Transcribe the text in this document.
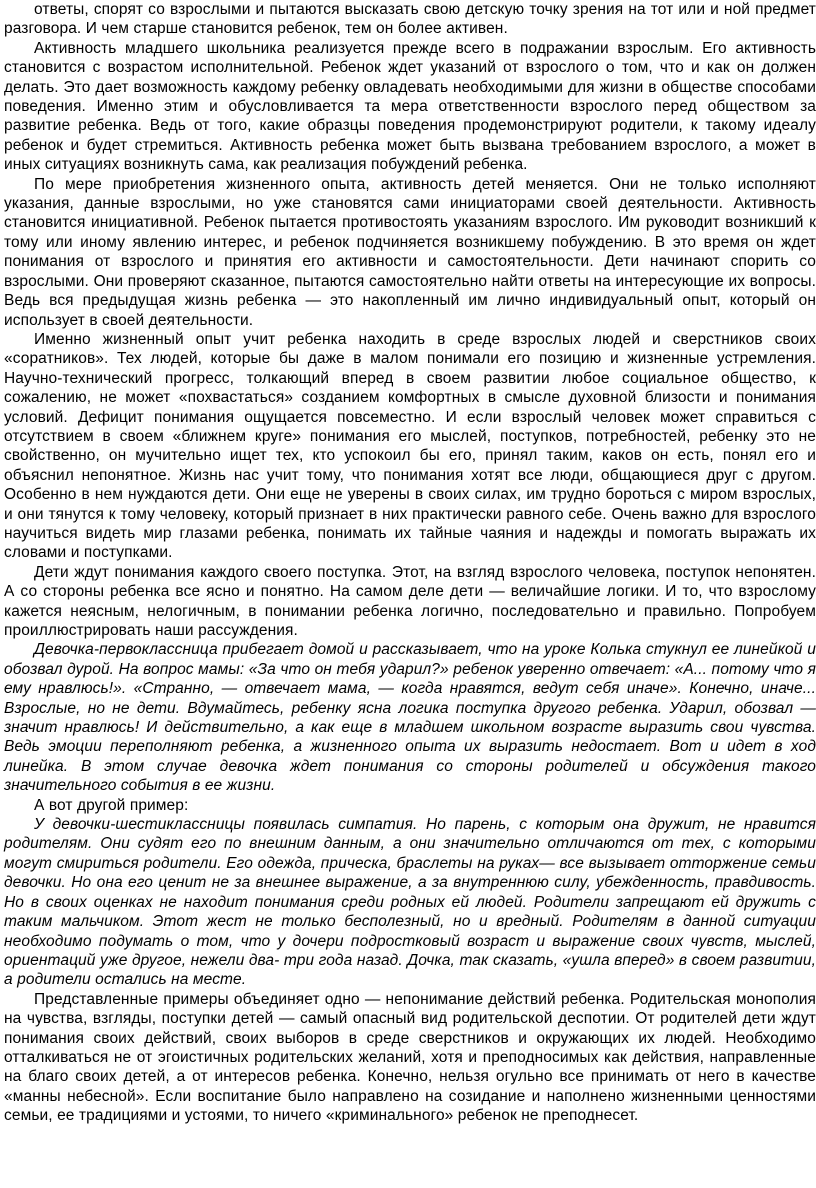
ответы, спорят со взрослыми и пытаются высказать свою детскую точку зрения на тот или и ной предмет разговора. И чем старше становится ребенок, тем он более активен.

Активность младшего школьника реализуется прежде всего в подражании взрослым. Его активность становится с возрастом исполнительной. Ребенок ждет указаний от взрослого о том, что и как он должен делать. Это дает возможность каждому ребенку овладевать необходимыми для жизни в обществе способами поведения. Именно этим и обусловливается та мера ответственности взрослого перед обществом за развитие ребенка. Ведь от того, какие образцы поведения продемонстрируют родители, к такому идеалу ребенок и будет стремиться. Активность ребенка может быть вызвана требованием взрослого, а может в иных ситуациях возникнуть сама, как реализация побуждений ребенка.

По мере приобретения жизненного опыта, активность детей меняется. Они не только исполняют указания, данные взрослыми, но уже становятся сами инициаторами своей деятельности. Активность становится инициативной. Ребенок пытается противостоять указаниям взрослого. Им руководит возникший к тому или иному явлению интерес, и ребенок подчиняется возникшему побуждению. В это время он ждет понимания от взрослого и принятия его активности и самостоятельности. Дети начинают спорить со взрослыми. Они проверяют сказанное, пытаются самостоятельно найти ответы на интересующие их вопросы. Ведь вся предыдущая жизнь ребенка — это накопленный им лично индивидуальный опыт, который он использует в своей деятельности.

Именно жизненный опыт учит ребенка находить в среде взрослых людей и сверстников своих «соратников». Тех людей, которые бы даже в малом понимали его позицию и жизненные устремления. Научно-технический прогресс, толкающий вперед в своем развитии любое социальное общество, к сожалению, не может «похвастаться» созданием комфортных в смысле духовной близости и понимания условий. Дефицит понимания ощущается повсеместно. И если взрослый человек может справиться с отсутствием в своем «ближнем круге» понимания его мыслей, поступков, потребностей, ребенку это не свойственно, он мучительно ищет тех, кто успокоил бы его, принял таким, каков он есть, понял его и объяснил непонятное. Жизнь нас учит тому, что понимания хотят все люди, общающиеся друг с другом. Особенно в нем нуждаются дети. Они еще не уверены в своих силах, им трудно бороться с миром взрослых, и они тянутся к тому человеку, который признает в них практически равного себе. Очень важно для взрослого научиться видеть мир глазами ребенка, понимать их тайные чаяния и надежды и помогать выражать их словами и поступками.

Дети ждут понимания каждого своего поступка. Этот, на взгляд взрослого человека, поступок непонятен. А со стороны ребенка все ясно и понятно. На самом деле дети — величайшие логики. И то, что взрослому кажется неясным, нелогичным, в понимании ребенка логично, последовательно и правильно. Попробуем проиллюстрировать наши рассуждения.

Девочка-первоклассница прибегает домой и рассказывает, что на уроке Колька стукнул ее линейкой и обозвал дурой. На вопрос мамы: «За что он тебя ударил?» ребенок уверенно отвечает: «А... потому что я ему нравлюсь!». «Странно, — отвечает мама, — когда нравятся, ведут себя иначе». Конечно, иначе... Взрослые, но не дети. Вдумайтесь, ребенку ясна логика поступка другого ребенка. Ударил, обозвал — значит нравлюсь! И действительно, а как еще в младшем школьном возрасте выразить свои чувства. Ведь эмоции переполняют ребенка, а жизненного опыта их выразить недостает. Вот и идет в ход линейка. В этом случае девочка ждет понимания со стороны родителей и обсуждения такого значительного события в ее жизни.

А вот другой пример:

У девочки-шестиклассницы появилась симпатия. Но парень, с которым она дружит, не нравится родителям. Они судят его по внешним данным, а они значительно отличаются от тех, с которыми могут смириться родители. Его одежда, прическа, браслеты на руках— все вызывает отторжение семьи девочки. Но она его ценит не за внешнее выражение, а за внутреннюю силу, убежденность, правдивость. Но в своих оценках не находит понимания среди родных ей людей. Родители запрещают ей дружить с таким мальчиком. Этот жест не только бесполезный, но и вредный. Родителям в данной ситуации необходимо подумать о том, что у дочери подростковый возраст и выражение своих чувств, мыслей, ориентаций уже другое, нежели два- три года назад. Дочка, так сказать, «ушла вперед» в своем развитии, а родители остались на месте.

Представленные примеры объединяет одно — непонимание действий ребенка. Родительская монополия на чувства, взгляды, поступки детей — самый опасный вид родительской деспотии. От родителей дети ждут понимания своих действий, своих выборов в среде сверстников и окружающих их людей. Необходимо отталкиваться не от эгоистичных родительских желаний, хотя и преподносимых как действия, направленные на благо своих детей, а от интересов ребенка. Конечно, нельзя огульно все принимать от него в качестве «манны небесной». Если воспитание было направлено на созидание и наполнено жизненными ценностями семьи, ее традициями и устоями, то ничего «криминального» ребенок не преподнесет.
